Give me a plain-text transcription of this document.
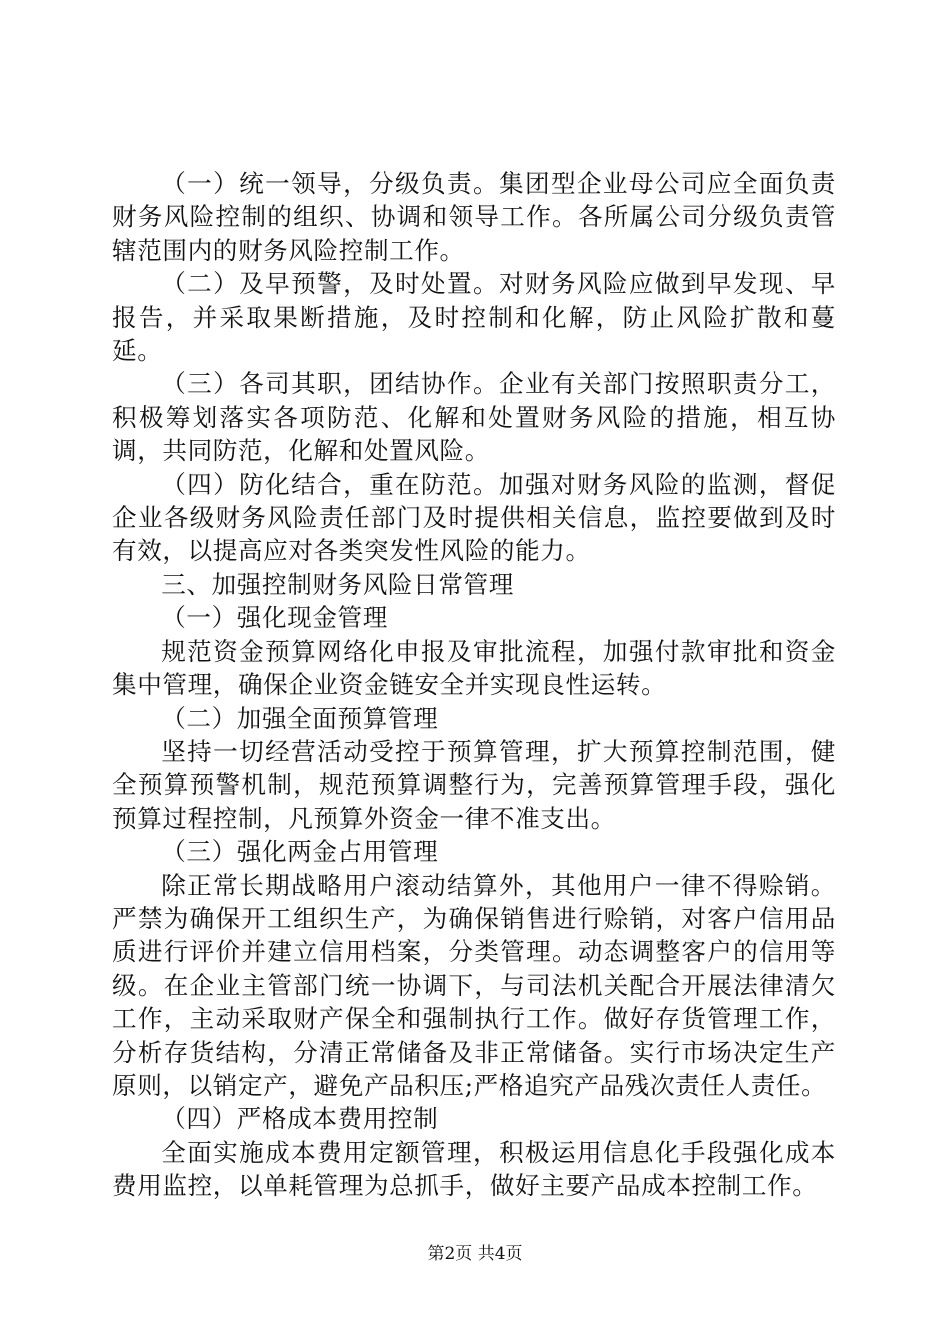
（一）统一领导，分级负责。集团型企业母公司应全面负责财务风险控制的组织、协调和领导工作。各所属公司分级负责管辖范围内的财务风险控制工作。

（二）及早预警，及时处置。对财务风险应做到早发现、早报告，并采取果断措施，及时控制和化解，防止风险扩散和蔓延。

（三）各司其职，团结协作。企业有关部门按照职责分工，积极筹划落实各项防范、化解和处置财务风险的措施，相互协调，共同防范，化解和处置风险。

（四）防化结合，重在防范。加强对财务风险的监测，督促企业各级财务风险责任部门及时提供相关信息，监控要做到及时有效，以提高应对各类突发性风险的能力。

三、加强控制财务风险日常管理

（一）强化现金管理

规范资金预算网络化申报及审批流程，加强付款审批和资金集中管理，确保企业资金链安全并实现良性运转。

（二）加强全面预算管理

坚持一切经营活动受控于预算管理，扩大预算控制范围，健全预算预警机制，规范预算调整行为，完善预算管理手段，强化预算过程控制，凡预算外资金一律不准支出。

（三）强化两金占用管理

除正常长期战略用户滚动结算外，其他用户一律不得赊销。严禁为确保开工组织生产，为确保销售进行赊销，对客户信用品质进行评价并建立信用档案，分类管理。动态调整客户的信用等级。在企业主管部门统一协调下，与司法机关配合开展法律清欠工作，主动采取财产保全和强制执行工作。做好存货管理工作，分析存货结构，分清正常储备及非正常储备。实行市场决定生产原则，以销定产，避免产品积压;严格追究产品残次责任人责任。

（四）严格成本费用控制

全面实施成本费用定额管理，积极运用信息化手段强化成本费用监控，以单耗管理为总抓手，做好主要产品成本控制工作。

第2页 共4页
